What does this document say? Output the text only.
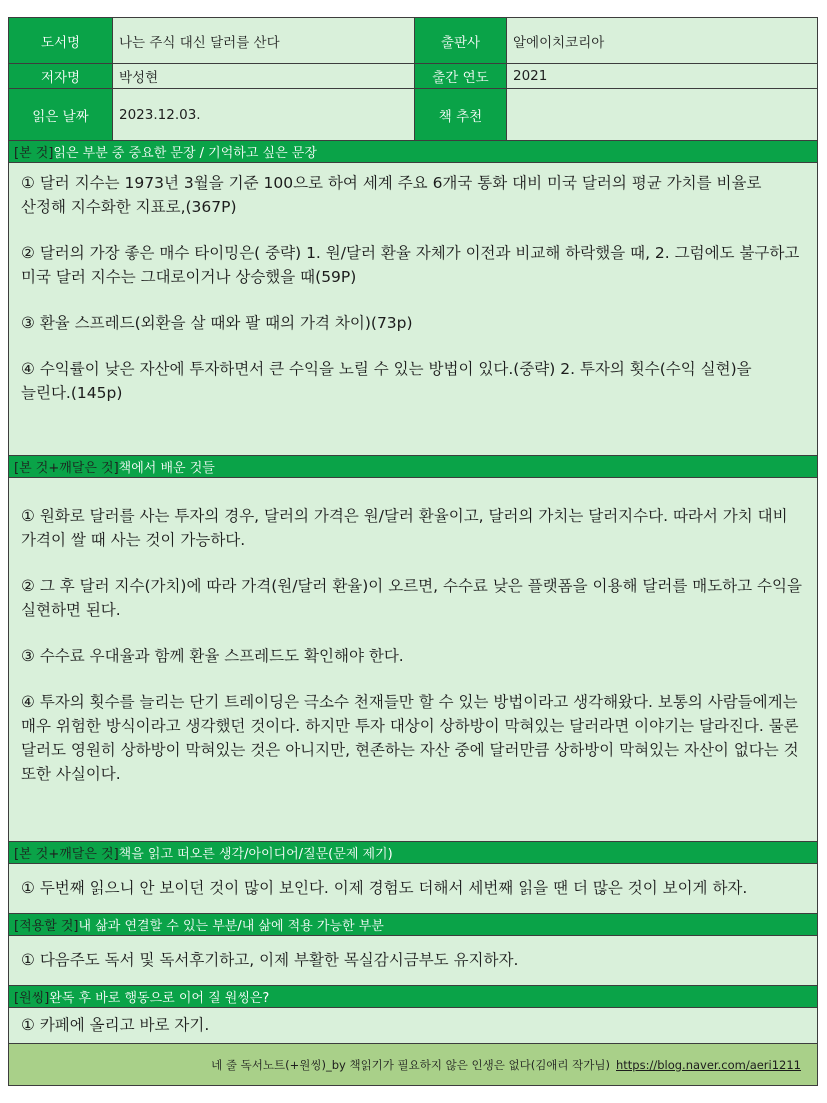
도서명	나는 주식 대신 달러를 산다	출판사	알에이치코리아
저자명	박성현	출간 연도	2021
읽은 날짜	2023.12.03.	책 추천
[본 것] 읽은 부분 중 중요한 문장 / 기억하고 싶은 문장

① 달러 지수는 1973년 3월을 기준 100으로 하여 세계 주요 6개국 통화 대비 미국 달러의 평균 가치를 비율로 산정해 지수화한 지표로,(367P)

② 달러의 가장 좋은 매수 타이밍은( 중략) 1. 원/달러 환율 자체가 이전과 비교해 하락했을 때, 2. 그럼에도 불구하고 미국 달러 지수는 그대로이거나 상승했을 때(59P)

③ 환율 스프레드(외환을 살 때와 팔 때의 가격 차이)(73p)

④ 수익률이 낮은 자산에 투자하면서 큰 수익을 노릴 수 있는 방법이 있다.(중략) 2. 투자의 횟수(수익 실현)을 늘린다.(145p)

[본 것+깨달은 것] 책에서 배운 것들

① 원화로 달러를 사는 투자의 경우, 달러의 가격은 원/달러 환율이고, 달러의 가치는 달러지수다. 따라서 가치 대비 가격이 쌀 때 사는 것이 가능하다.

② 그 후 달러 지수(가치)에 따라 가격(원/달러 환율)이 오르면, 수수료 낮은 플랫폼을 이용해 달러를 매도하고 수익을 실현하면 된다.

③ 수수료 우대율과 함께 환율 스프레드도 확인해야 한다.

④ 투자의 횟수를 늘리는 단기 트레이딩은 극소수 천재들만 할 수 있는 방법이라고 생각해왔다. 보통의 사람들에게는 매우 위험한 방식이라고 생각했던 것이다. 하지만 투자 대상이 상하방이 막혀있는 달러라면 이야기는 달라진다. 물론 달러도 영원히 상하방이 막혀있는 것은 아니지만, 현존하는 자산 중에 달러만큼 상하방이 막혀있는 자산이 없다는 것 또한 사실이다.

[본 것+깨달은 것] 책을 읽고 떠오른 생각/아이디어/질문(문제 제기)

① 두번째 읽으니 안 보이던 것이 많이 보인다. 이제 경험도 더해서 세번째 읽을 땐 더 많은 것이 보이게 하자.

[적용할 것] 내 삶과 연결할 수 있는 부분/내 삶에 적용 가능한 부분

① 다음주도 독서 및 독서후기하고, 이제 부활한 목실감시금부도 유지하자.

[원씽] 완독 후 바로 행동으로 이어 질 원씽은?

① 카페에 올리고 바로 자기.

네 줄 독서노트(+원씽)_by 책읽기가 필요하지 않은 인생은 없다(김애리 작가님) https://blog.naver.com/aeri1211
